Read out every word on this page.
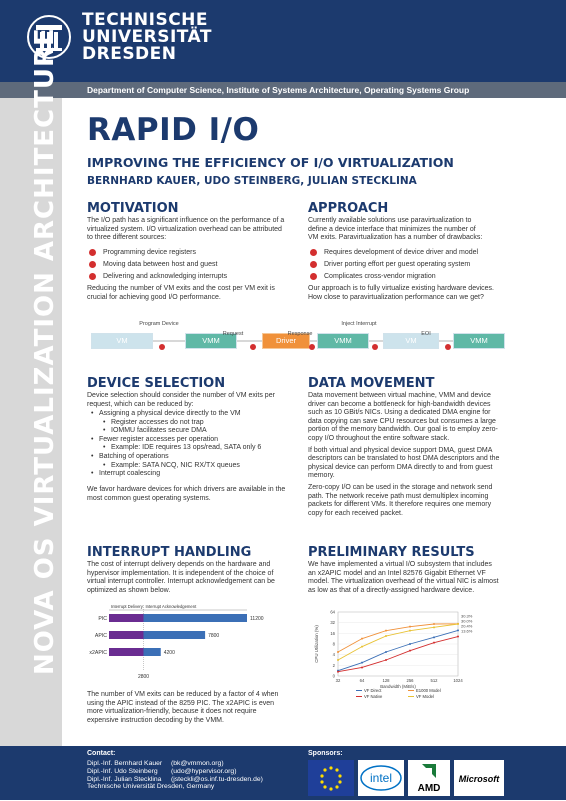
TECHNISCHE
UNIVERSITÄT
DRESDEN
Department of Computer Science, Institute of Systems Architecture, Operating Systems Group
NOVA OS VIRTUALIZATION ARCHITECTURE RAPID I/O
IMPROVING THE EFFICIENCY OF I/O VIRTUALIZATION
BERNHARD KAUER, UDO STEINBERG, JULIAN STECKLINA
MOTIVATION
The I/O path has a significant influence on the performance of a virtualized system. I/O virtualization overhead can be attributed to three different sources:
Programming device registers
Moving data between host and guest
Delivering and acknowledging interrupts
Reducing the number of VM exits and the cost per VM exit is crucial for achieving good I/O performance.
APPROACH
Currently available solutions use paravirtualization to define a device interface that minimizes the number of VM exits. Paravirtualization has a number of drawbacks:
Requires development of device driver and model
Driver porting effort per guest operating system
Complicates cross-vendor migration
Our approach is to fully virtualize existing hardware devices. How close to paravirtualization performance can we get?
VM	VMM	Driver	VMM	VM	VMM
Program Device
Request	Response
Inject Interrupt
EOI
DEVICE SELECTION
Device selection should consider the number of VM exits per request, which can be reduced by:
• Assigning a physical device directly to the VM
• Register accesses do not trap
• IOMMU facilitates secure DMA
• Fewer register accesses per operation
• Example: IDE requires 13 ops/read, SATA only 6
• Batching of operations
• Example: SATA NCQ, NIC RX/TX queues
• Interrupt coalescing
We favor hardware devices for which drivers are available in the most common guest operating systems.
DATA MOVEMENT

Data movement between virtual machine, VMM and device driver can become a bottleneck for high-bandwidth devices such as 10 GBit/s NICs. Using a dedicated DMA engine for data copying can save CPU resources but consumes a large portion of the memory bandwidth. Our goal is to employ zero-copy I/O throughout the entire software stack.

If both virtual and physical device support DMA, guest DMA descriptors can be translated to host DMA descriptors and the physical device can perform DMA directly to and from guest memory.

Zero-copy I/O can be used in the storage and network send path. The network receive path must demultiplex incoming packets for different VMs. It therefore requires one memory copy for each received packet.

INTERRUPT HANDLING
The cost of interrupt delivery depends on the hardware and hypervisor implementation. It is independent of the choice of virtual interrupt controller. Interrupt acknowledgement can be optimized as shown below.
Interrupt Delivery Interrupt Acknowledgement
PIC	11200
APIC	7800
x2APIC	4200
2800
The number of VM exits can be reduced by a factor of 4 when using the APIC instead of the 8259 PIC. The x2APIC is even more virtualization-friendly, because it does not require expensive instruction decoding by the VMM.
PRELIMINARY RESULTS
We have implemented a virtual I/O subsystem that includes an x2APIC model and an Intel 82576 Gigabit Ethernet VF model. The virtualization overhead of the virtual NIC is almost as low as that of a directly-assigned hardware device.
0
2
4
8
16
32
64
32	64	128	256	512	1024
Bandwidth (MiB/s)
CPU Utilization (%)
30.3%
30.0%
20.4%
13.6%
VF Direct	E1000 Model
VF Native	VF Model
Contact:
Dipl.-Inf. Bernhard Kauer (bk@vmmon.org)
Dipl.-Inf. Udo Steinberg (udo@hypervisor.org)
Dipl.-Inf. Julian Stecklina (jsteckli@os.inf.tu-dresden.de)
Technische Universität Dresden, Germany
Sponsors:
intel
AMD
Microsoft
